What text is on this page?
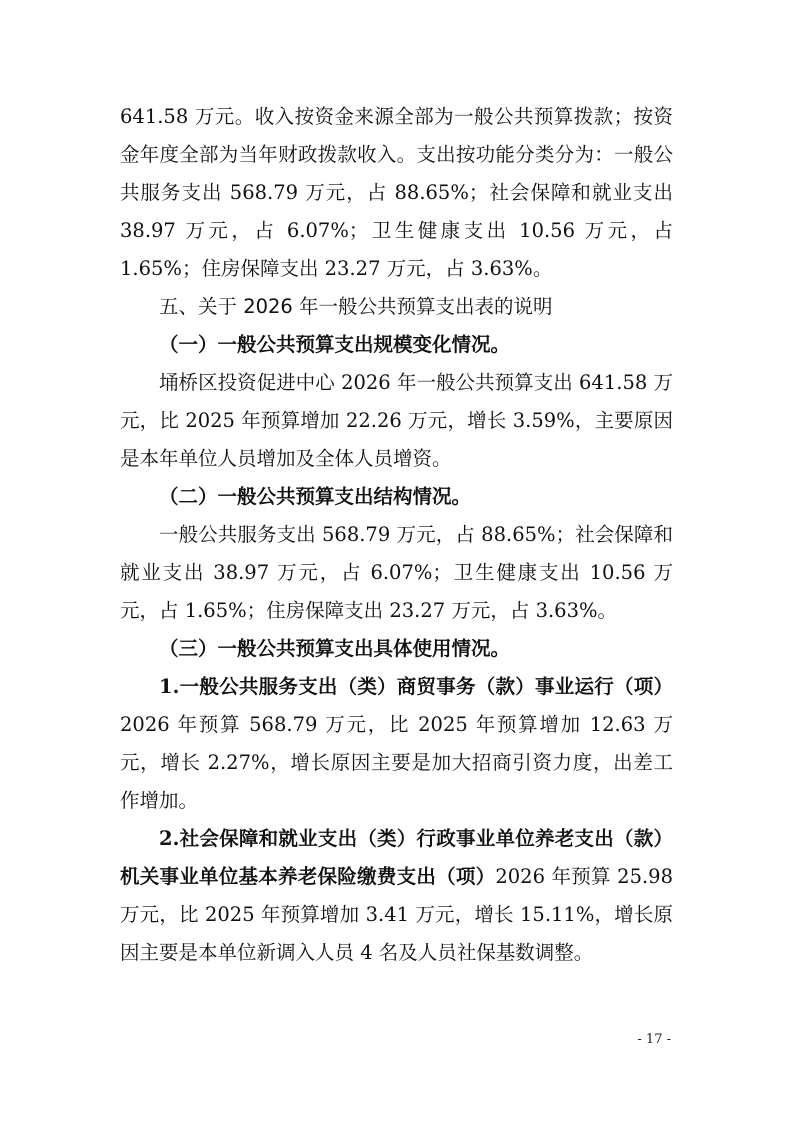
641.58 万元。收入按资金来源全部为一般公共预算拨款；按资金年度全部为当年财政拨款收入。支出按功能分类分为：一般公共服务支出 568.79 万元，占 88.65%；社会保障和就业支出 38.97 万元，占 6.07%；卫生健康支出 10.56 万元，占 1.65%；住房保障支出 23.27 万元，占 3.63%。

五、关于 2026 年一般公共预算支出表的说明

（一）一般公共预算支出规模变化情况。

埇桥区投资促进中心 2026 年一般公共预算支出 641.58 万元，比 2025 年预算增加 22.26 万元，增长 3.59%，主要原因是本年单位人员增加及全体人员增资。

（二）一般公共预算支出结构情况。

一般公共服务支出 568.79 万元，占 88.65%；社会保障和就业支出 38.97 万元，占 6.07%；卫生健康支出 10.56 万元，占 1.65%；住房保障支出 23.27 万元，占 3.63%。

（三）一般公共预算支出具体使用情况。

1.一般公共服务支出（类）商贸事务（款）事业运行（项）2026 年预算 568.79 万元，比 2025 年预算增加 12.63 万元，增长 2.27%，增长原因主要是加大招商引资力度，出差工作增加。

2.社会保障和就业支出（类）行政事业单位养老支出（款）机关事业单位基本养老保险缴费支出（项）2026 年预算 25.98 万元，比 2025 年预算增加 3.41 万元，增长 15.11%，增长原因主要是本单位新调入人员 4 名及人员社保基数调整。

- 17 -
